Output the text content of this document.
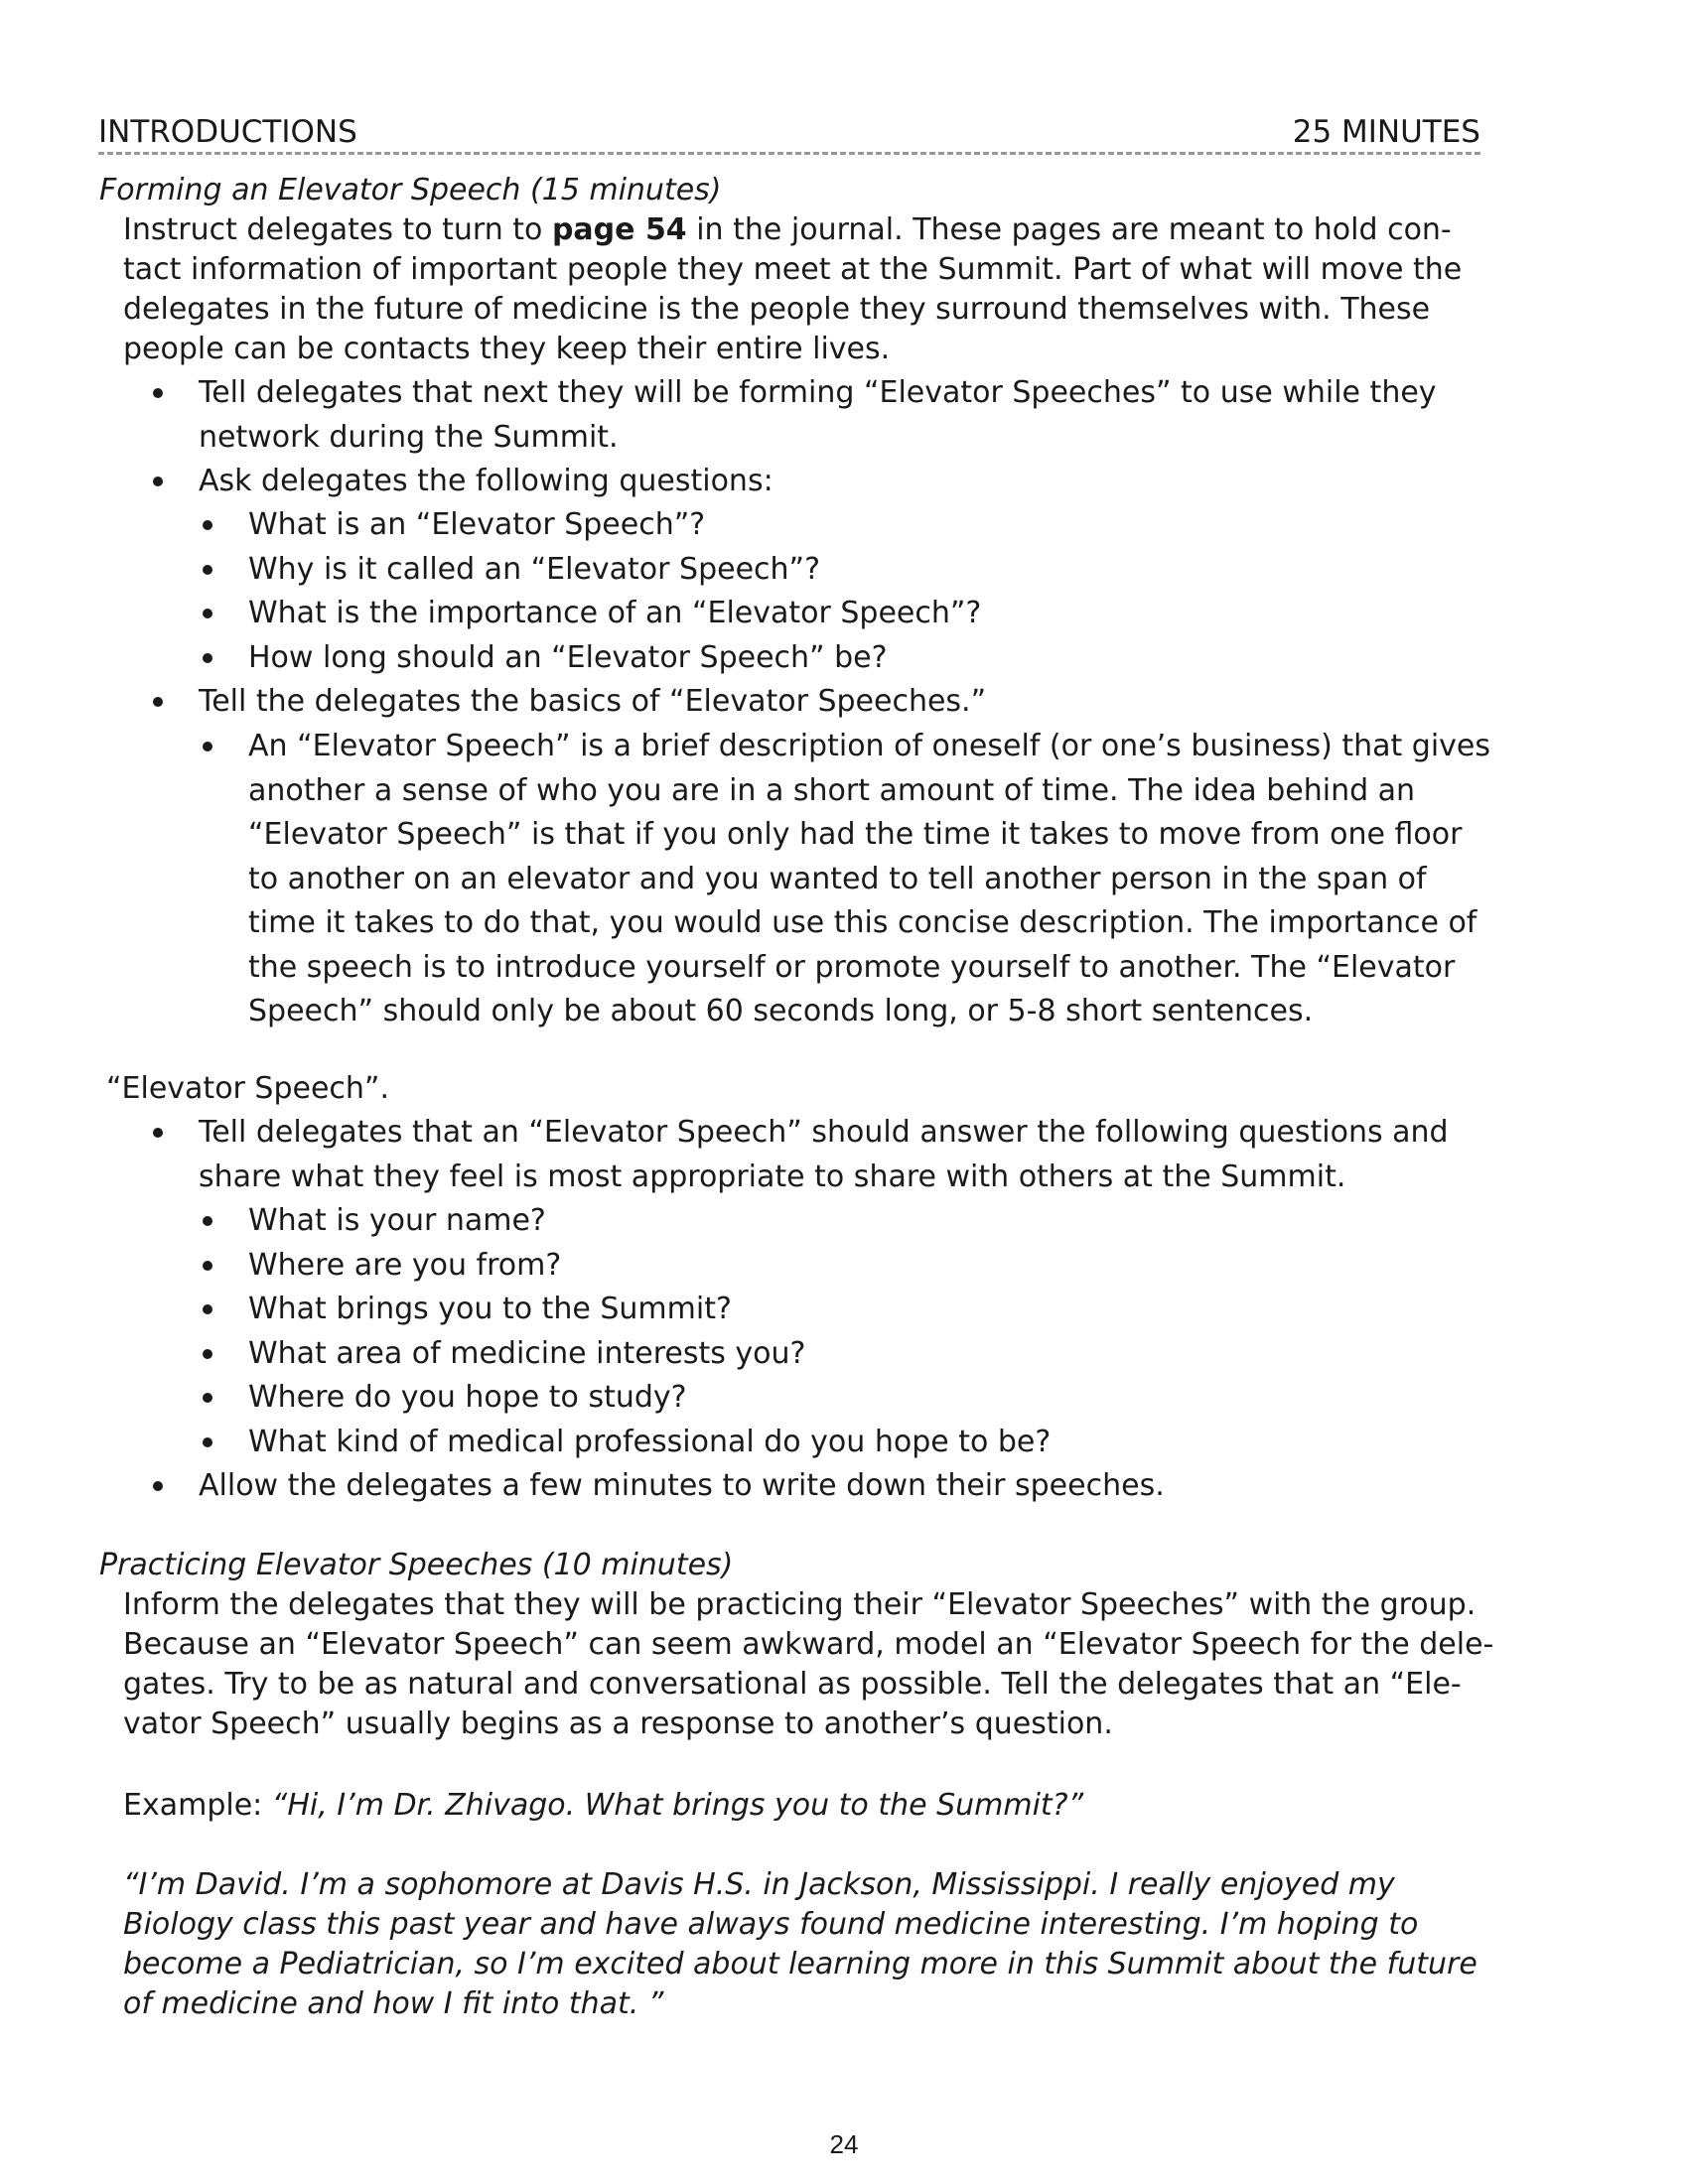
INTRODUCTIONS	25 MINUTES
Forming an Elevator Speech (15 minutes)
Instruct delegates to turn to page 54 in the journal. These pages are meant to hold con-
tact information of important people they meet at the Summit. Part of what will move the
delegates in the future of medicine is the people they surround themselves with. These
people can be contacts they keep their entire lives.
Tell delegates that next they will be forming “Elevator Speeches” to use while they
network during the Summit.
Ask delegates the following questions:
What is an “Elevator Speech”?
Why is it called an “Elevator Speech”?
What is the importance of an “Elevator Speech”?
How long should an “Elevator Speech” be?
Tell the delegates the basics of “Elevator Speeches.”
An “Elevator Speech” is a brief description of oneself (or one’s business) that gives
another a sense of who you are in a short amount of time. The idea behind an
“Elevator Speech” is that if you only had the time it takes to move from one floor
to another on an elevator and you wanted to tell another person in the span of
time it takes to do that, you would use this concise description. The importance of
the speech is to introduce yourself or promote yourself to another. The “Elevator
Speech” should only be about 60 seconds long, or 5-8 short sentences.
“Elevator Speech”.
Tell delegates that an “Elevator Speech” should answer the following questions and
share what they feel is most appropriate to share with others at the Summit.
What is your name?
Where are you from?
What brings you to the Summit?
What area of medicine interests you?
Where do you hope to study?
What kind of medical professional do you hope to be?
Allow the delegates a few minutes to write down their speeches.
Practicing Elevator Speeches (10 minutes)
Inform the delegates that they will be practicing their “Elevator Speeches” with the group.
Because an “Elevator Speech” can seem awkward, model an “Elevator Speech for the dele-
gates. Try to be as natural and conversational as possible. Tell the delegates that an “Ele-
vator Speech” usually begins as a response to another’s question.
Example: “Hi, I’m Dr. Zhivago. What brings you to the Summit?”
“I’m David. I’m a sophomore at Davis H.S. in Jackson, Mississippi. I really enjoyed my
Biology class this past year and have always found medicine interesting. I’m hoping to
become a Pediatrician, so I’m excited about learning more in this Summit about the future
of medicine and how I fit into that. ”
24
